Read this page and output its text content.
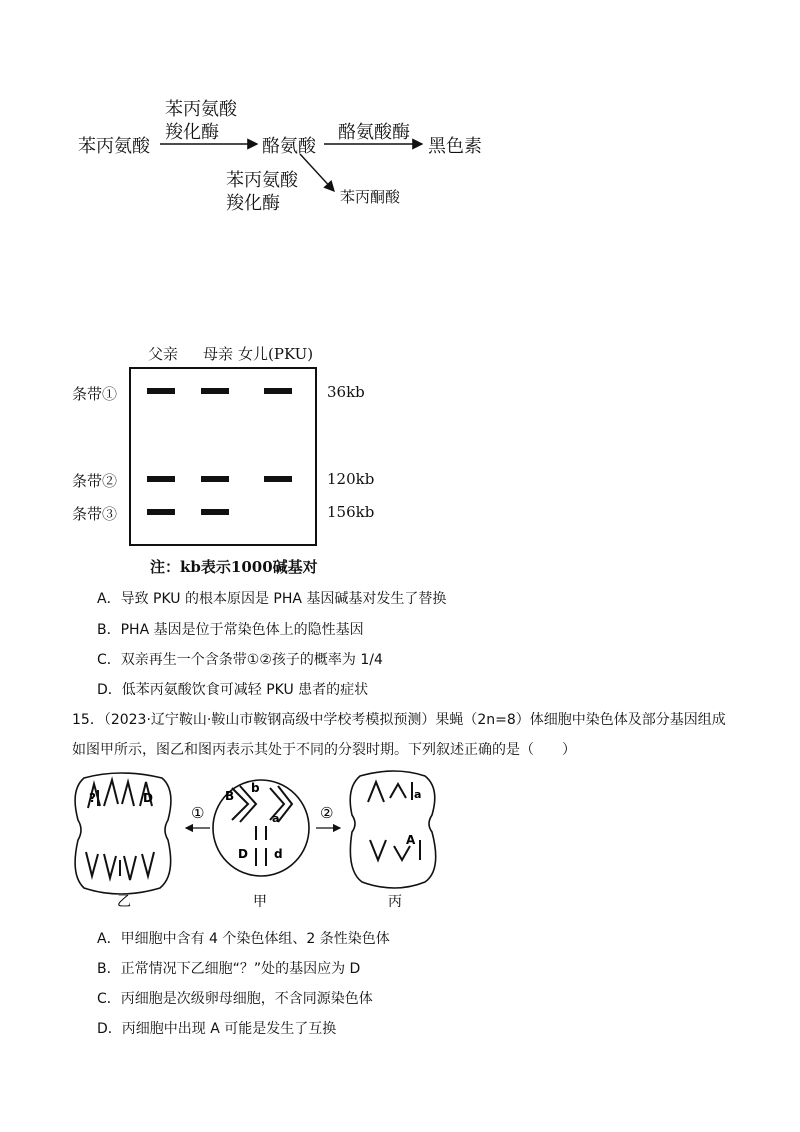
苯丙氨酸
苯丙氨酸
羧化酶
酪氨酸
酪氨酸酶
黑色素
苯丙氨酸
羧化酶	苯丙酮酸
父亲 母亲 女儿(PKU)
条带①
条带②
条带③
36kb
120kb
156kb
注：kb表示1000碱基对
A．导致 PKU 的根本原因是 PHA 基因碱基对发生了替换
B．PHA 基因是位于常染色体上的隐性基因
C．双亲再生一个含条带①②孩子的概率为 1/4
D．低苯丙氨酸饮食可减轻 PKU 患者的症状
15．（2023·辽宁鞍山·鞍山市鞍钢高级中学校考模拟预测）果蝇（2n=8）体细胞中染色体及部分基因组成
如图甲所示，图乙和图丙表示其处于不同的分裂时期。下列叙述正确的是（　　）
①	②
?	D	B
b
a
D d
a
A
乙	甲	丙
A．甲细胞中含有 4 个染色体组、2 条性染色体
B．正常情况下乙细胞“？”处的基因应为 D
C．丙细胞是次级卵母细胞，不含同源染色体
D．丙细胞中出现 A 可能是发生了互换
